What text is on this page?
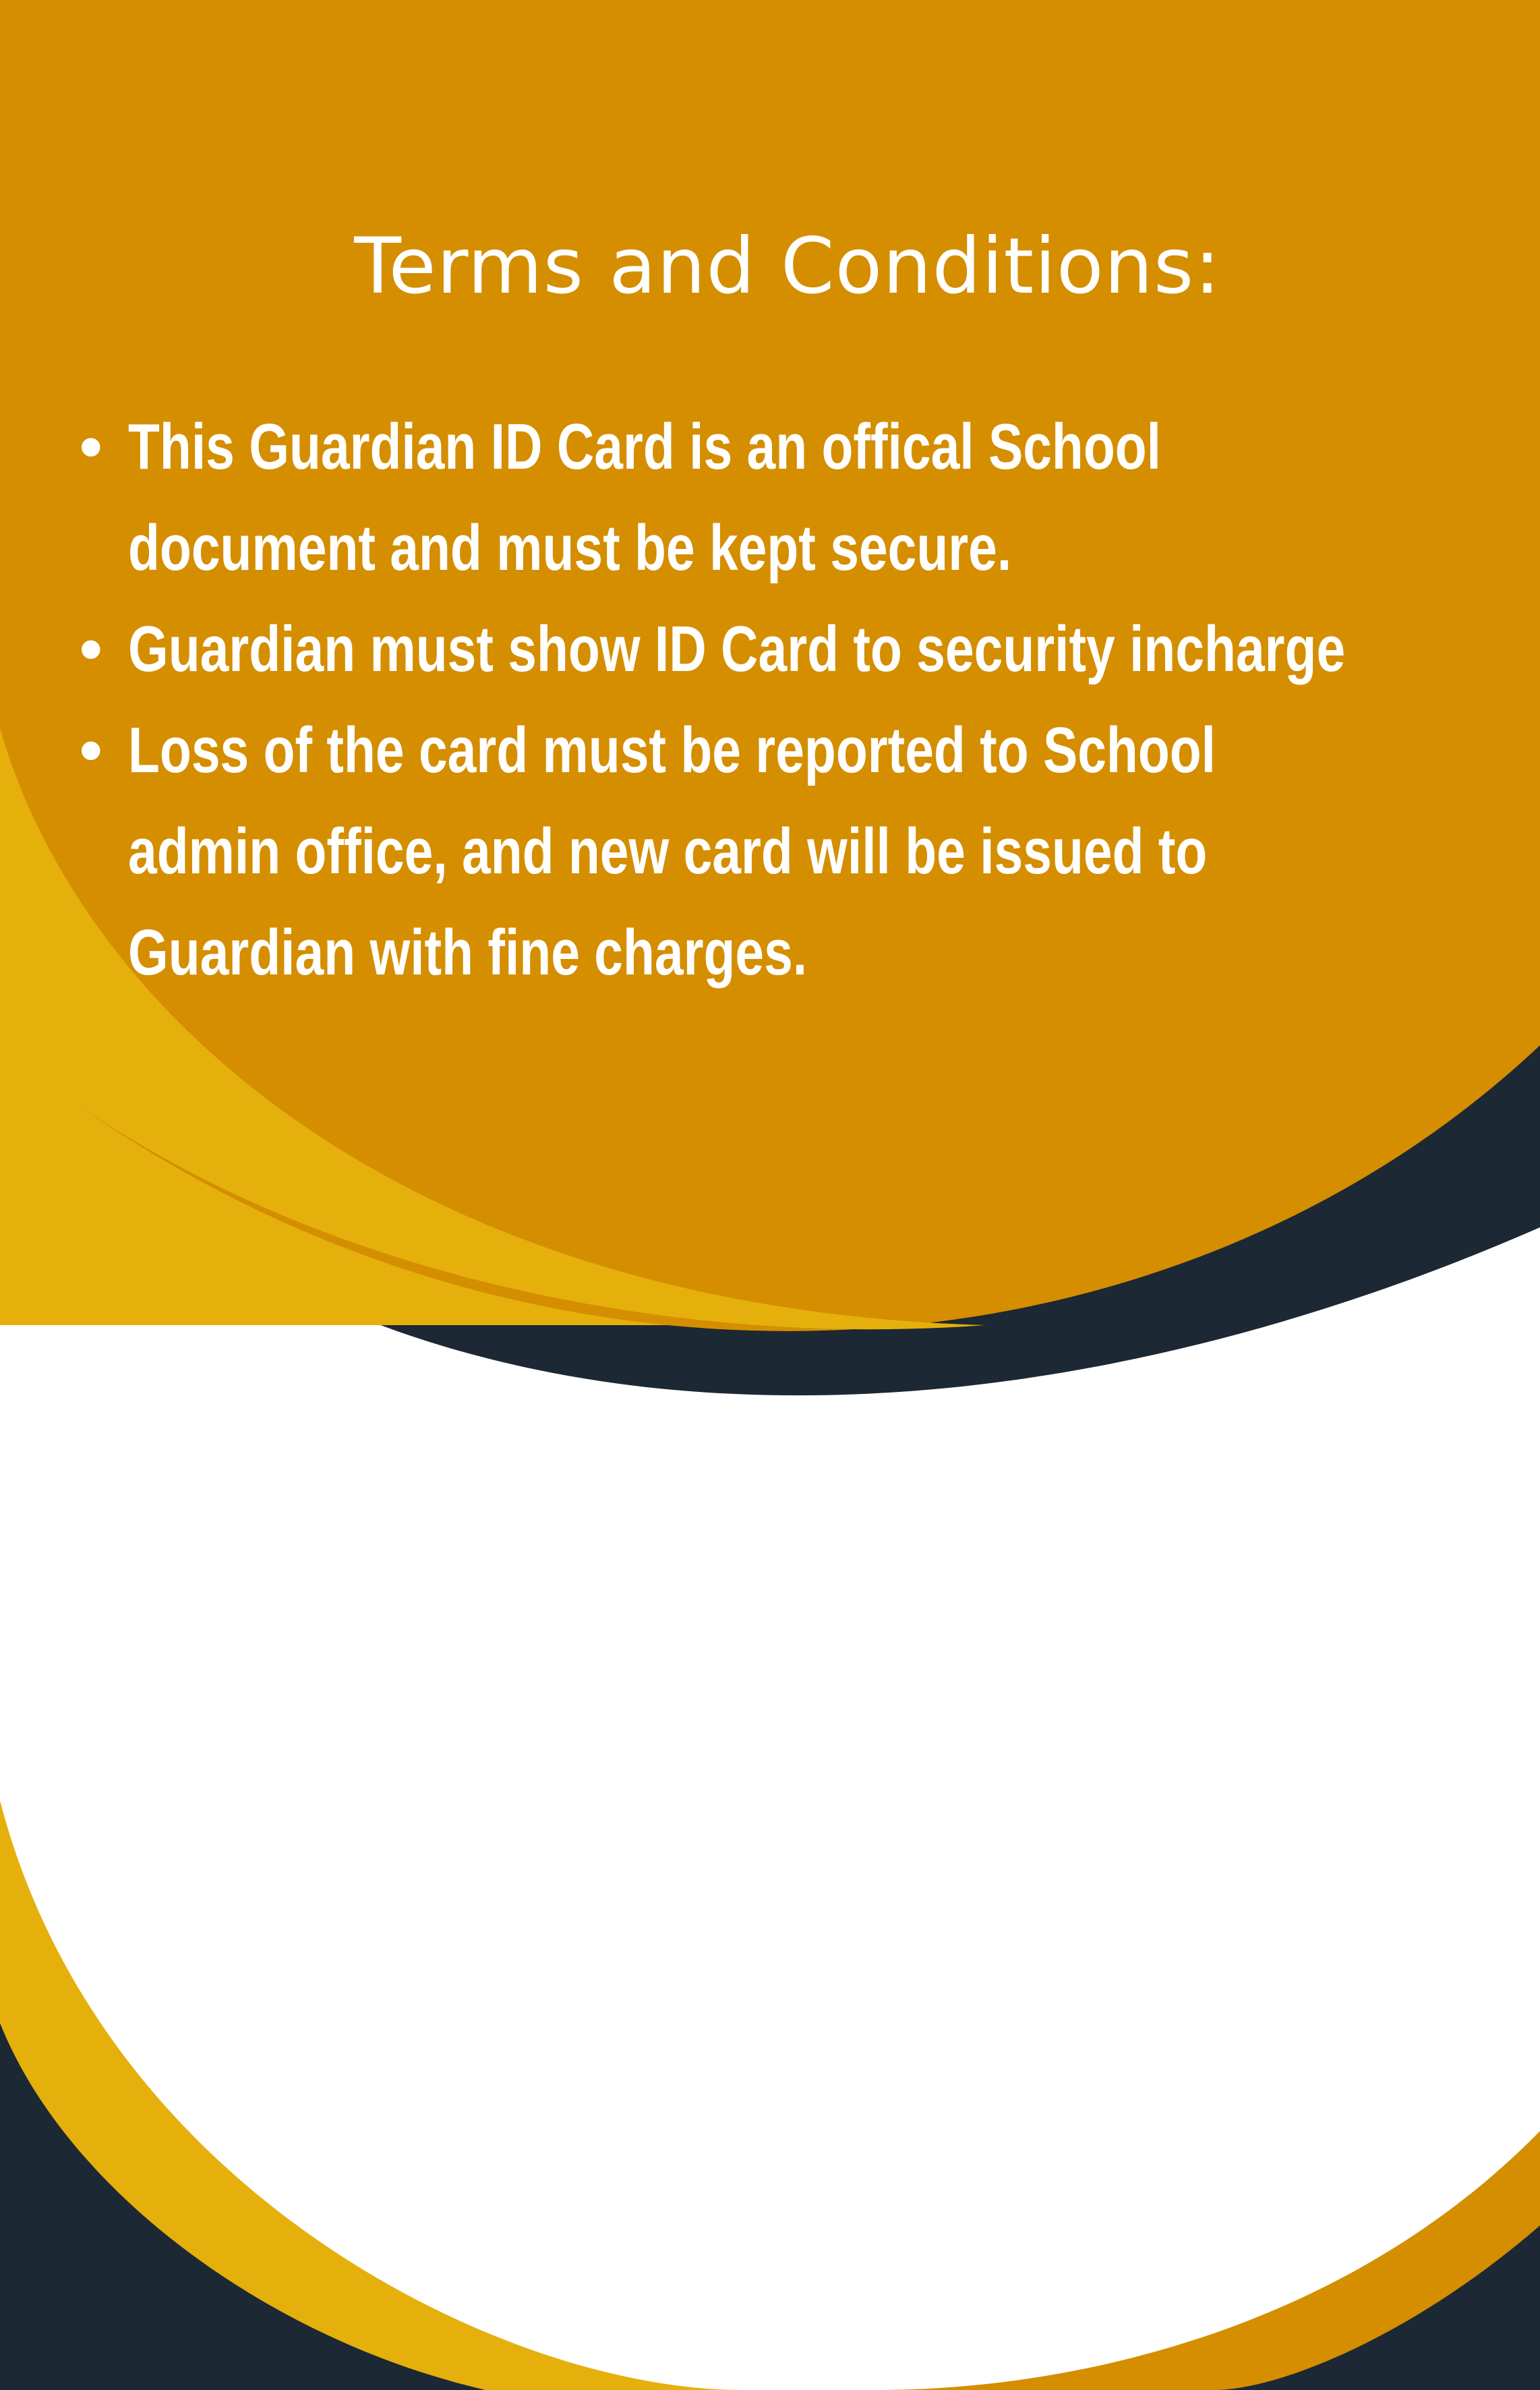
Terms and Conditions:
• This Guardian ID Card is an offical School
document and must be kept secure.
• Guardian must show ID Card to security incharge
• Loss of the card must be reported to School
admin office, and new card will be issued to
Guardian with fine charges.
